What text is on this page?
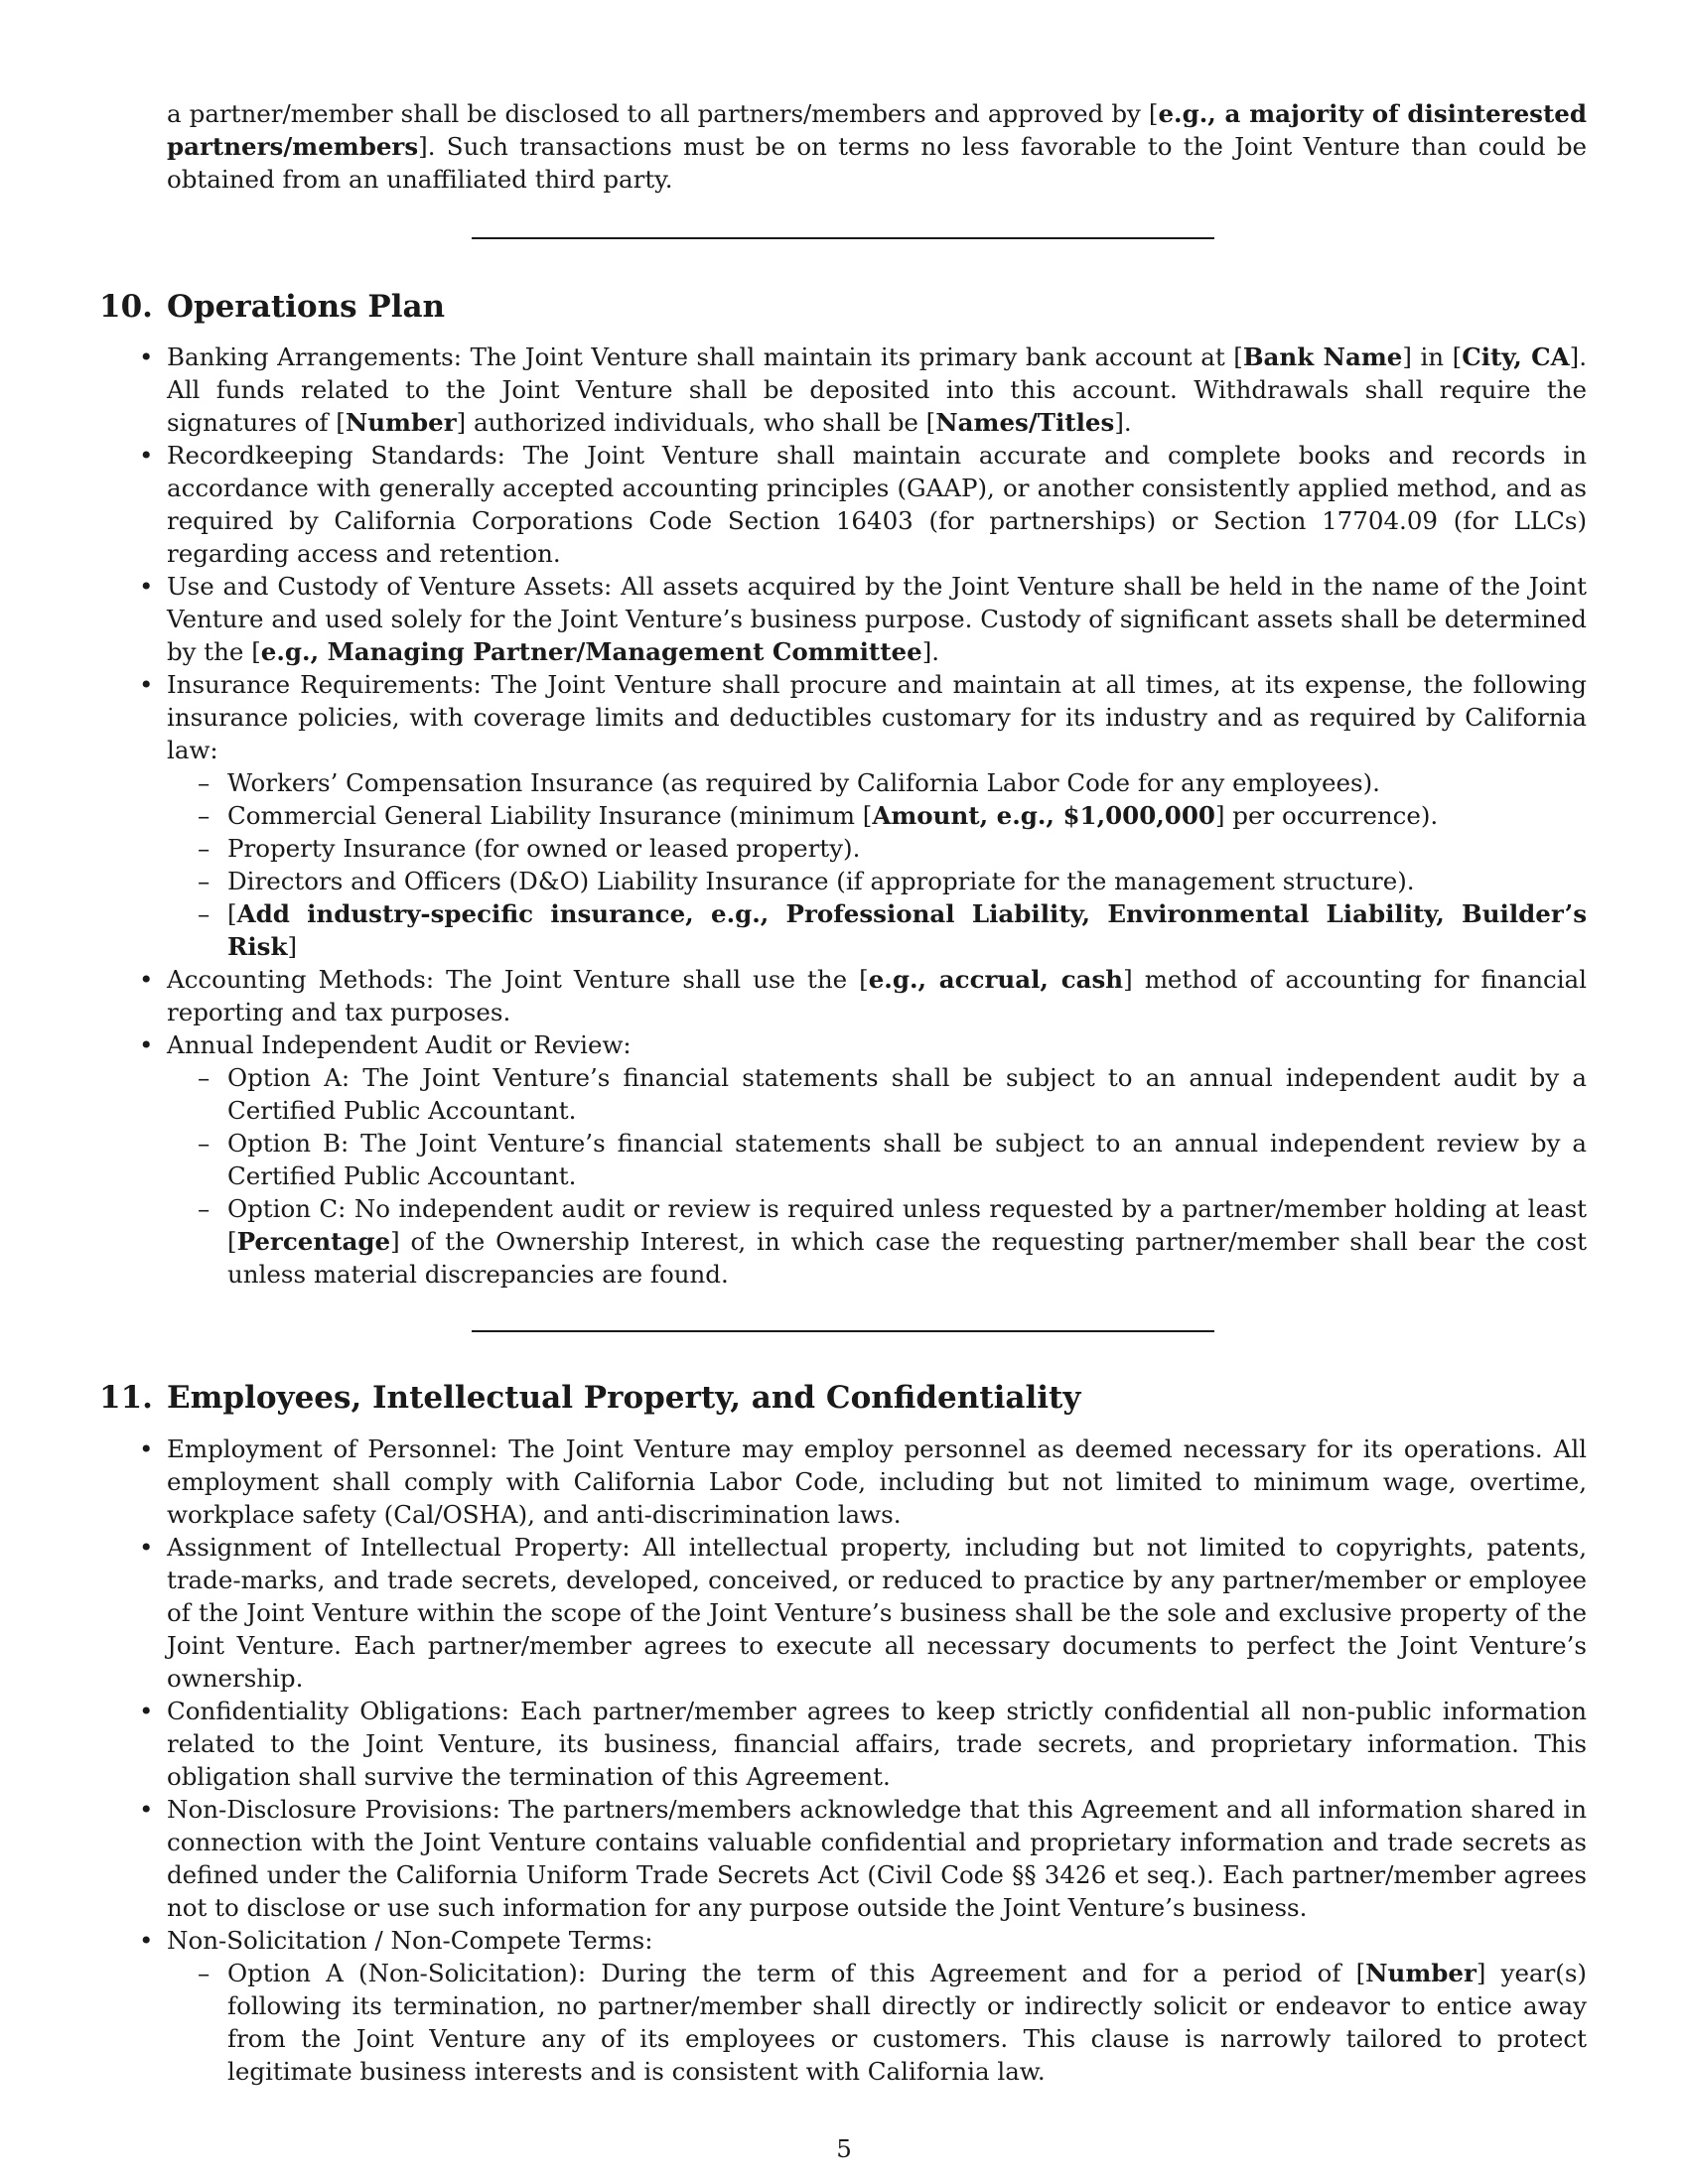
a partner/member shall be disclosed to all partners/members and approved by [e.g., a majority of disinterested partners/members]. Such transactions must be on terms no less favorable to the Joint Venture than could be obtained from an unaffiliated third party.

10. Operations Plan
• Banking Arrangements: The Joint Venture shall maintain its primary bank account at [Bank Name] in [City, CA]. All funds related to the Joint Venture shall be deposited into this account. Withdrawals shall require the signatures of [Number] authorized individuals, who shall be [Names/Titles].
• Recordkeeping Standards: The Joint Venture shall maintain accurate and complete books and records in accordance with generally accepted accounting principles (GAAP), or another consistently applied method, and as required by California Corporations Code Section 16403 (for partnerships) or Section 17704.09 (for LLCs) regarding access and retention.
• Use and Custody of Venture Assets: All assets acquired by the Joint Venture shall be held in the name of the Joint Venture and used solely for the Joint Venture’s business purpose. Custody of significant assets shall be determined by the [e.g., Managing Partner/Management Committee].
• Insurance Requirements: The Joint Venture shall procure and maintain at all times, at its expense, the following insurance policies, with coverage limits and deductibles customary for its industry and as required by California law:
– Workers’ Compensation Insurance (as required by California Labor Code for any employees).
– Commercial General Liability Insurance (minimum [Amount, e.g., $1,000,000] per occurrence).
– Property Insurance (for owned or leased property).
– Directors and Officers (D&O) Liability Insurance (if appropriate for the management structure).
– [Add industry-specific insurance, e.g., Professional Liability, Environmental Liability, Builder’s Risk]
• Accounting Methods: The Joint Venture shall use the [e.g., accrual, cash] method of accounting for financial reporting and tax purposes.
• Annual Independent Audit or Review:
– Option A: The Joint Venture’s financial statements shall be subject to an annual independent audit by a Certified Public Accountant.
– Option B: The Joint Venture’s financial statements shall be subject to an annual independent review by a Certified Public Accountant.
– Option C: No independent audit or review is required unless requested by a partner/member holding at least [Percentage] of the Ownership Interest, in which case the requesting partner/member shall bear the cost unless material discrepancies are found.
11. Employees, Intellectual Property, and Confidentiality
• Employment of Personnel: The Joint Venture may employ personnel as deemed necessary for its operations. All employment shall comply with California Labor Code, including but not limited to minimum wage, overtime, workplace safety (Cal/OSHA), and anti-discrimination laws.
• Assignment of Intellectual Property: All intellectual property, including but not limited to copyrights, patents, trade-marks, and trade secrets, developed, conceived, or reduced to practice by any partner/member or employee of the Joint Venture within the scope of the Joint Venture’s business shall be the sole and exclusive property of the Joint Venture. Each partner/member agrees to execute all necessary documents to perfect the Joint Venture’s ownership.
• Confidentiality Obligations: Each partner/member agrees to keep strictly confidential all non-public information related to the Joint Venture, its business, financial affairs, trade secrets, and proprietary information. This obligation shall survive the termination of this Agreement.
• Non-Disclosure Provisions: The partners/members acknowledge that this Agreement and all information shared in connection with the Joint Venture contains valuable confidential and proprietary information and trade secrets as defined under the California Uniform Trade Secrets Act (Civil Code §§ 3426 et seq.). Each partner/member agrees not to disclose or use such information for any purpose outside the Joint Venture’s business.
• Non-Solicitation / Non-Compete Terms:
– Option A (Non-Solicitation): During the term of this Agreement and for a period of [Number] year(s) following its termination, no partner/member shall directly or indirectly solicit or endeavor to entice away from the Joint Venture any of its employees or customers. This clause is narrowly tailored to protect legitimate business interests and is consistent with California law.
5
